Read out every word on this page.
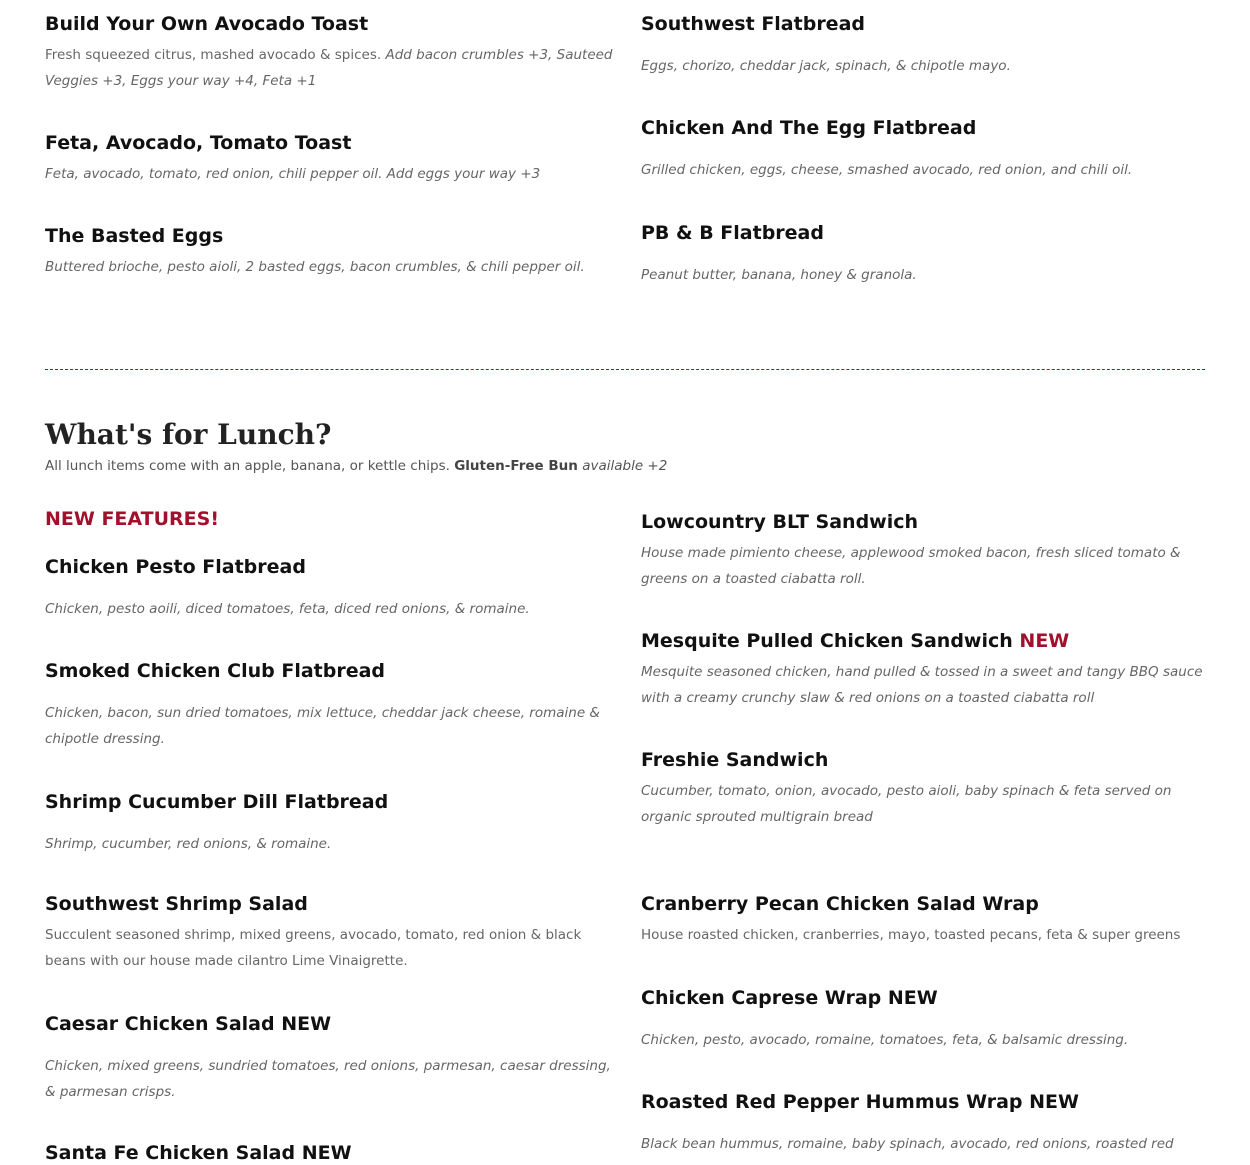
Build Your Own Avocado Toast

Fresh squeezed citrus, mashed avocado & spices. Add bacon crumbles +3, Sauteed Veggies +3, Eggs your way +4, Feta +1

Feta, Avocado, Tomato Toast

Feta, avocado, tomato, red onion, chili pepper oil. Add eggs your way +3

The Basted Eggs

Buttered brioche, pesto aioli, 2 basted eggs, bacon crumbles, & chili pepper oil.

Southwest Flatbread

Eggs, chorizo, cheddar jack, spinach, & chipotle mayo.

Chicken And The Egg Flatbread

Grilled chicken, eggs, cheese, smashed avocado, red onion, and chili oil.

PB & B Flatbread

Peanut butter, banana, honey & granola.

What's for Lunch?

All lunch items come with an apple, banana, or kettle chips. Gluten-Free Bun available +2

NEW FEATURES!
Chicken Pesto Flatbread

Chicken, pesto aoili, diced tomatoes, feta, diced red onions, & romaine.

Smoked Chicken Club Flatbread

Chicken, bacon, sun dried tomatoes, mix lettuce, cheddar jack cheese, romaine & chipotle dressing.

Shrimp Cucumber Dill Flatbread

Shrimp, cucumber, red onions, & romaine.

Southwest Shrimp Salad

Succulent seasoned shrimp, mixed greens, avocado, tomato, red onion & black beans with our house made cilantro Lime Vinaigrette.

Caesar Chicken Salad NEW

Chicken, mixed greens, sundried tomatoes, red onions, parmesan, caesar dressing, & parmesan crisps.

Santa Fe Chicken Salad NEW
Lowcountry BLT Sandwich

House made pimiento cheese, applewood smoked bacon, fresh sliced tomato & greens on a toasted ciabatta roll.

Mesquite Pulled Chicken Sandwich NEW

Mesquite seasoned chicken, hand pulled & tossed in a sweet and tangy BBQ sauce with a creamy crunchy slaw & red onions on a toasted ciabatta roll

Freshie Sandwich

Cucumber, tomato, onion, avocado, pesto aioli, baby spinach & feta served on organic sprouted multigrain bread

Cranberry Pecan Chicken Salad Wrap

House roasted chicken, cranberries, mayo, toasted pecans, feta & super greens

Chicken Caprese Wrap NEW

Chicken, pesto, avocado, romaine, tomatoes, feta, & balsamic dressing.

Roasted Red Pepper Hummus Wrap NEW

Black bean hummus, romaine, baby spinach, avocado, red onions, roasted red
